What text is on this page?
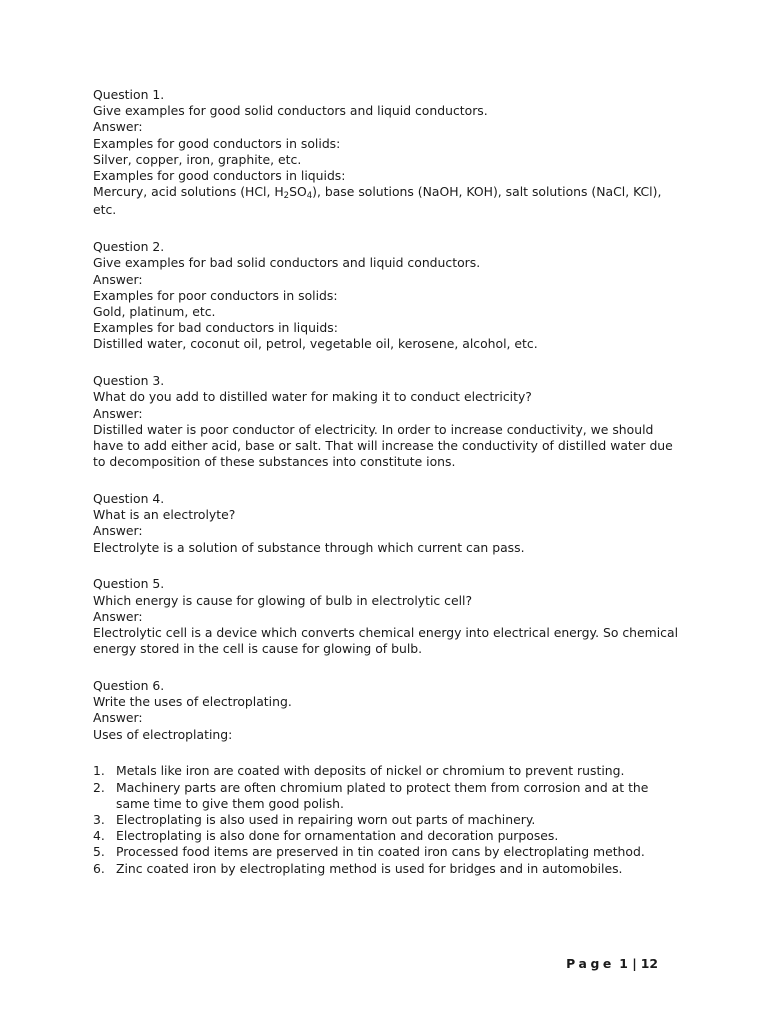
Question 1.

Give examples for good solid conductors and liquid conductors.

Answer:

Examples for good conductors in solids:

Silver, copper, iron, graphite, etc.

Examples for good conductors in liquids:

Mercury, acid solutions (HCl, H2SO4), base solutions (NaOH, KOH), salt solutions (NaCl, KCl), etc.

Question 2.

Give examples for bad solid conductors and liquid conductors.

Answer:

Examples for poor conductors in solids:

Gold, platinum, etc.

Examples for bad conductors in liquids:

Distilled water, coconut oil, petrol, vegetable oil, kerosene, alcohol, etc.

Question 3.

What do you add to distilled water for making it to conduct electricity?

Answer:

Distilled water is poor conductor of electricity. In order to increase conductivity, we should have to add either acid, base or salt. That will increase the conductivity of distilled water due to decomposition of these substances into constitute ions.

Question 4.

What is an electrolyte?

Answer:

Electrolyte is a solution of substance through which current can pass.

Question 5.

Which energy is cause for glowing of bulb in electrolytic cell?

Answer:

Electrolytic cell is a device which converts chemical energy into electrical energy. So chemical energy stored in the cell is cause for glowing of bulb.

Question 6.

Write the uses of electroplating.

Answer:

Uses of electroplating:

1. Metals like iron are coated with deposits of nickel or chromium to prevent rusting.
2. Machinery parts are often chromium plated to protect them from corrosion and at the same time to give them good polish.
3. Electroplating is also used in repairing worn out parts of machinery.
4. Electroplating is also done for ornamentation and decoration purposes.
5. Processed food items are preserved in tin coated iron cans by electroplating method.
6. Zinc coated iron by electroplating method is used for bridges and in automobiles.
Page 1 | 12
